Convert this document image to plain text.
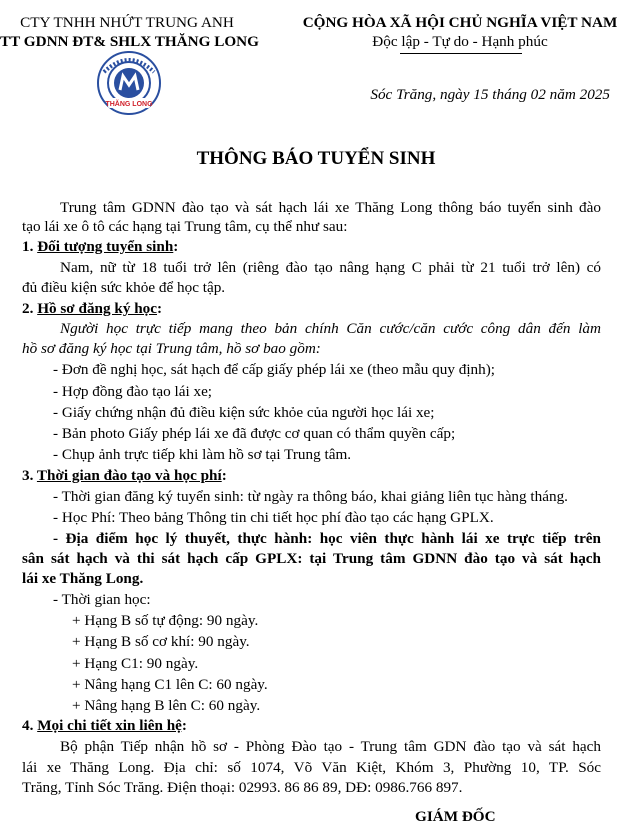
CTY TNHH NHỨT TRUNG ANH
TT GDNN ĐT& SHLX THĂNG LONG
THĂNG LONG
CỘNG HÒA XÃ HỘI CHỦ NGHĨA VIỆT NAM
Độc lập - Tự do - Hạnh phúc
Sóc Trăng, ngày 15 tháng 02 năm 2025
THÔNG BÁO TUYỂN SINH
Trung tâm GDNN đào tạo và sát hạch lái xe Thăng Long thông báo tuyển sinh đào
tạo lái xe ô tô các hạng tại Trung tâm, cụ thể như sau:
1. Đối tượng tuyển sinh:
Nam, nữ từ 18 tuổi trở lên (riêng đào tạo nâng hạng C phải từ 21 tuổi trở lên) có
đủ điều kiện sức khỏe để học tập.
2. Hồ sơ đăng ký học:
Người học trực tiếp mang theo bản chính Căn cước/căn cước công dân đến làm
hồ sơ đăng ký học tại Trung tâm, hồ sơ bao gồm:
- Đơn đề nghị học, sát hạch để cấp giấy phép lái xe (theo mẫu quy định);
- Hợp đồng đào tạo lái xe;
- Giấy chứng nhận đủ điều kiện sức khỏe của người học lái xe;
- Bản photo Giấy phép lái xe đã được cơ quan có thẩm quyền cấp;
- Chụp ảnh trực tiếp khi làm hồ sơ tại Trung tâm.
3. Thời gian đào tạo và học phí:
- Thời gian đăng ký tuyển sinh: từ ngày ra thông báo, khai giảng liên tục hàng tháng.
- Học Phí: Theo bảng Thông tin chi tiết học phí đào tạo các hạng GPLX.
- Địa điểm học lý thuyết, thực hành: học viên thực hành lái xe trực tiếp trên
sân sát hạch và thi sát hạch cấp GPLX: tại Trung tâm GDNN đào tạo và sát hạch
lái xe Thăng Long.
- Thời gian học:
+ Hạng B số tự động: 90 ngày.
+ Hạng B số cơ khí: 90 ngày.
+ Hạng C1: 90 ngày.
+ Nâng hạng C1 lên C: 60 ngày.
+ Nâng hạng B lên C: 60 ngày.
4. Mọi chi tiết xin liên hệ:
Bộ phận Tiếp nhận hồ sơ - Phòng Đào tạo - Trung tâm GDN đào tạo và sát hạch
lái xe Thăng Long. Địa chỉ: số 1074, Võ Văn Kiệt, Khóm 3, Phường 10, TP. Sóc
Trăng, Tỉnh Sóc Trăng. Điện thoại: 02993. 86 86 89, DĐ: 0986.766 897.
GIÁM ĐỐC
